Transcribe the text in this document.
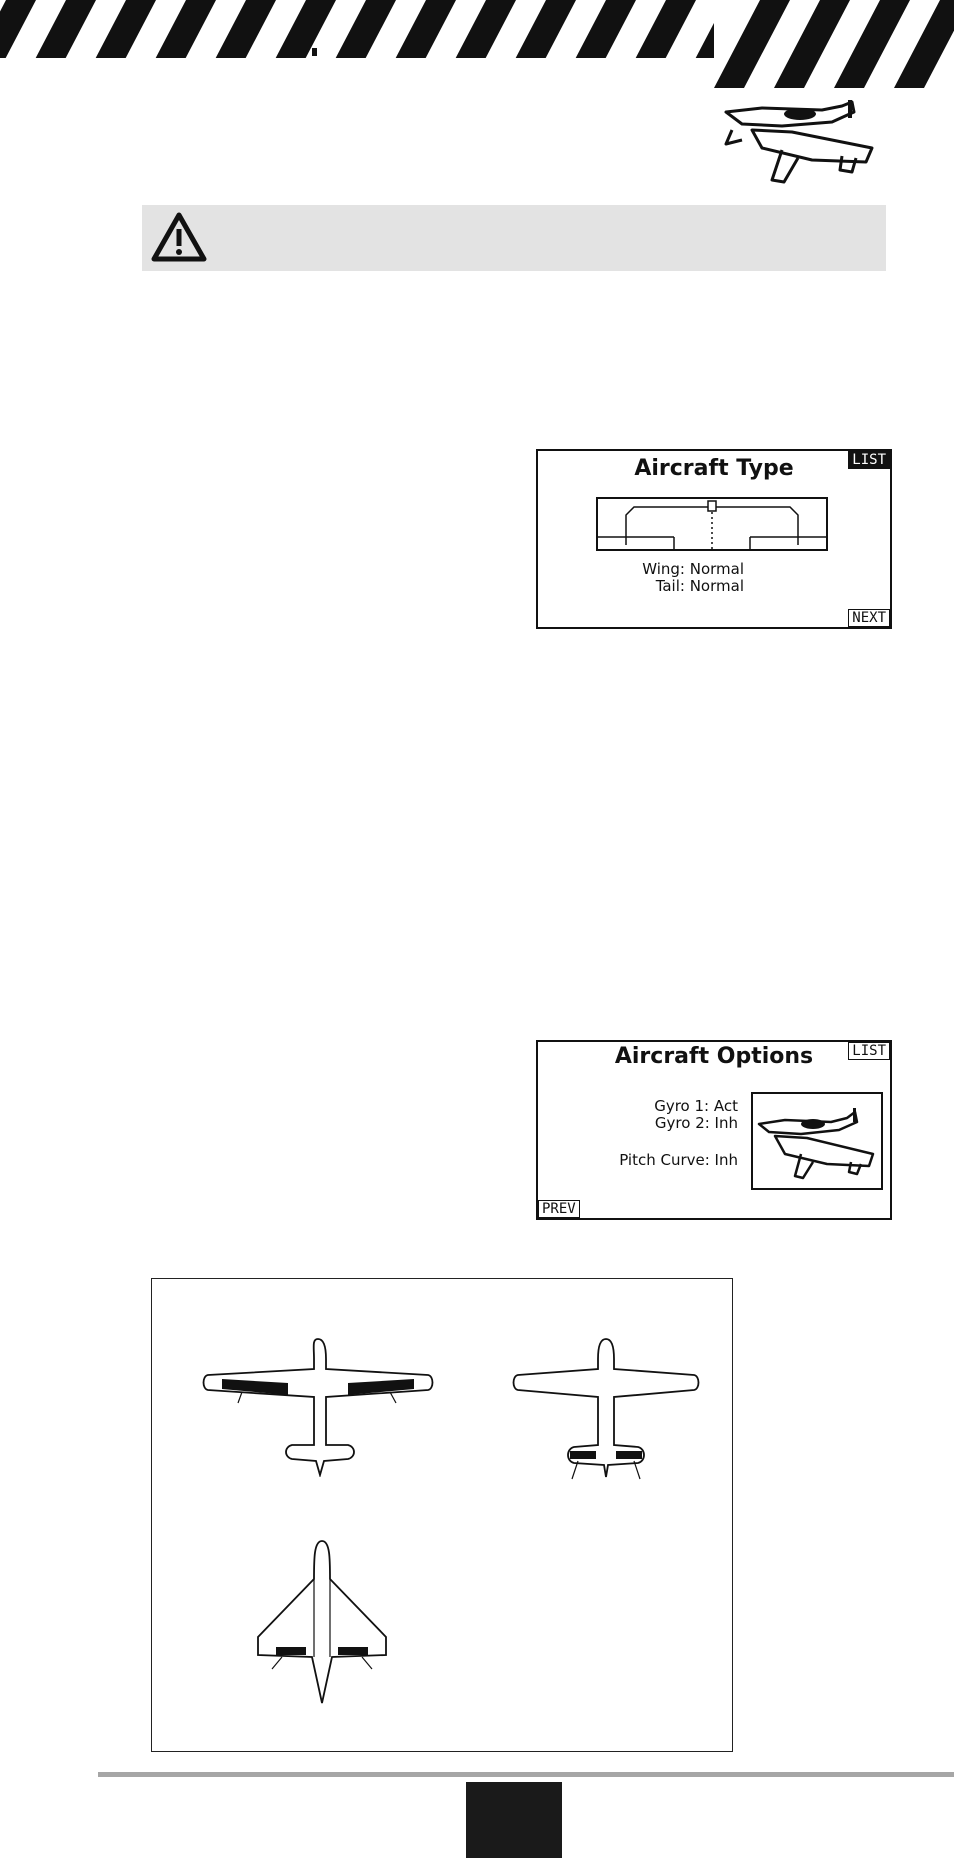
Aircraft Type	LIST
Wing: Normal
Tail: Normal
NEXT
Aircraft Options	LIST
Gyro 1: Act
Gyro 2: Inh
Pitch Curve: Inh
PREV
